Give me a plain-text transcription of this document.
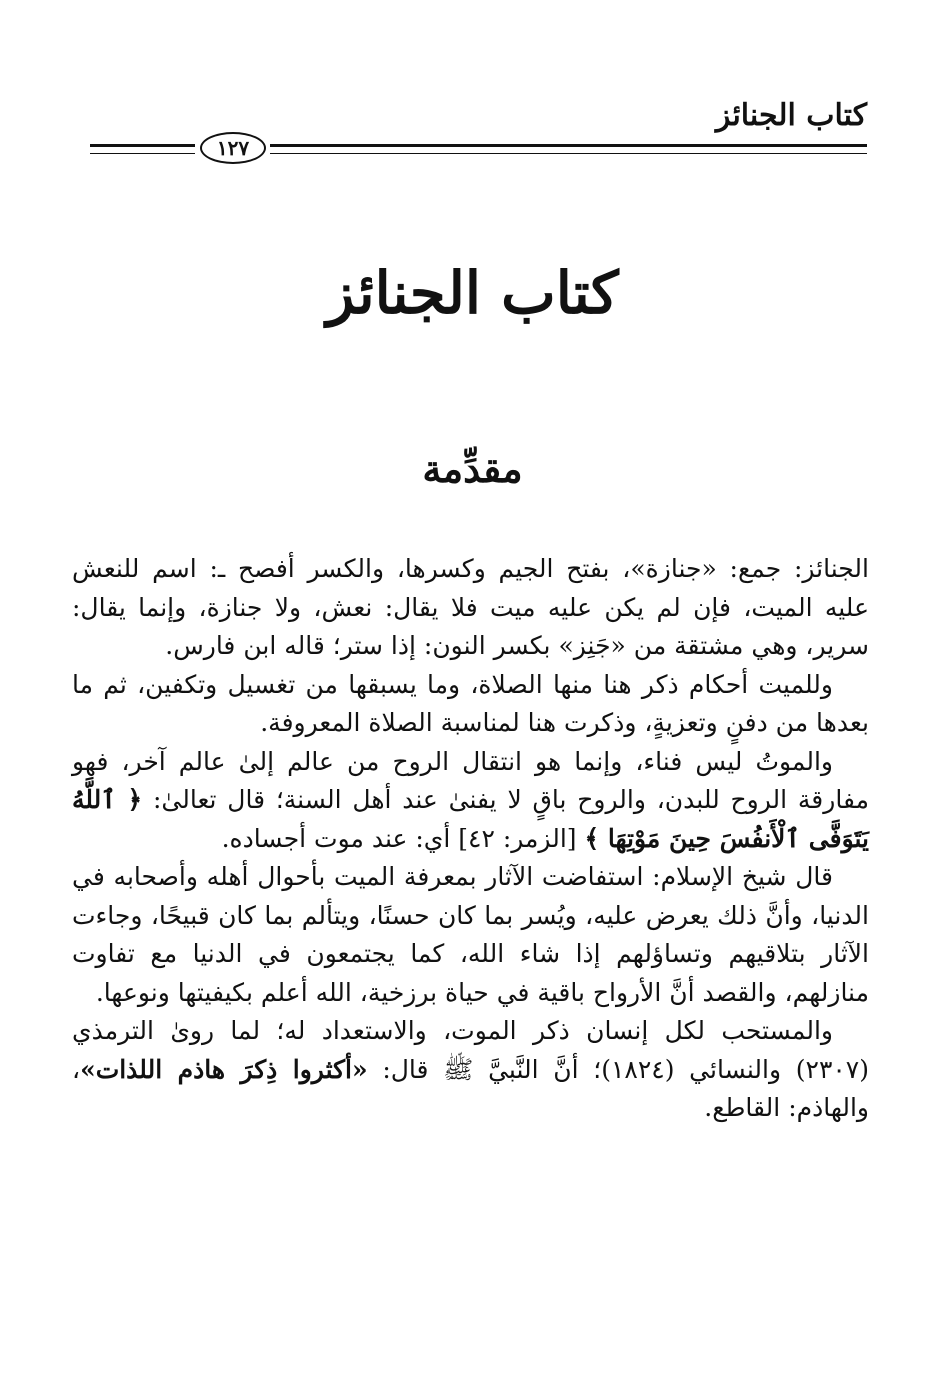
كتاب الجنائز
١٢٧
كتاب الجنائز
مقدِّمة

الجنائز: جمع: «جنازة»، بفتح الجيم وكسرها، والكسر أفصح ـ: اسم للنعش عليه الميت، فإن لم يكن عليه ميت فلا يقال: نعش، ولا جنازة، وإنما يقال: سرير، وهي مشتقة من «جَنِز» بكسر النون: إذا ستر؛ قاله ابن فارس.

وللميت أحكام ذكر هنا منها الصلاة، وما يسبقها من تغسيل وتكفين، ثم ما بعدها من دفنٍ وتعزيةٍ، وذكرت هنا لمناسبة الصلاة المعروفة.

والموتُ ليس فناء، وإنما هو انتقال الروح من عالم إلىٰ عالم آخر، فهو مفارقة الروح للبدن، والروح باقٍ لا يفنىٰ عند أهل السنة؛ قال تعالىٰ: ﴿ ٱللَّهُ يَتَوَفَّى ٱلْأَنفُسَ حِينَ مَوْتِهَا ﴾ [الزمر: ٤٢] أي: عند موت أجساده.

قال شيخ الإسلام: استفاضت الآثار بمعرفة الميت بأحوال أهله وأصحابه في الدنيا، وأنَّ ذلك يعرض عليه، ويُسر بما كان حسنًا، ويتألم بما كان قبيحًا، وجاءت الآثار بتلاقيهم وتساؤلهم إذا شاء الله، كما يجتمعون في الدنيا مع تفاوت منازلهم، والقصد أنَّ الأرواح باقية في حياة برزخية، الله أعلم بكيفيتها ونوعها.

والمستحب لكل إنسان ذكر الموت، والاستعداد له؛ لما روىٰ الترمذي (٢٣٠٧) والنسائي (١٨٢٤)؛ أنَّ النَّبيَّ ﷺ قال: «أكثروا ذِكرَ هاذم اللذات»، والهاذم: القاطع.
